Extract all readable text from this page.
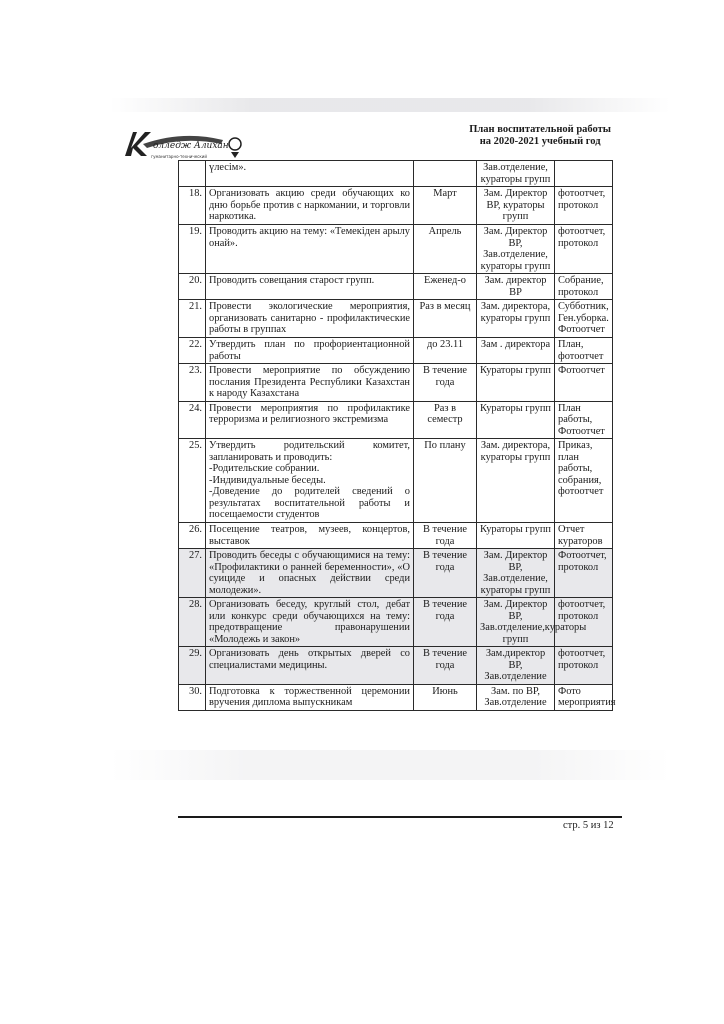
олледж Алихан
гуманитарно-технический
План воспитательной работы
на 2020-2021 учебный год
	үлесім».		Зав.отделение, кураторы групп	
18.	Организовать акцию среди обучающих ко дню борьбе против с наркомании, и торговли наркотика.	Март	Зам. Директор ВР, кураторы групп	фотоотчет, протокол
19.	Проводить акцию на тему: «Темекіден арылу онай».	Апрель	Зам. Директор ВР, Зав.отделение, кураторы групп	фотоотчет, протокол
20.	Проводить совещания старост групп.	Еженед-о	Зам. директор ВР	Собрание, протокол
21.	Провести экологические мероприятия, организовать санитарно - профилактические работы в группах	Раз в месяц	Зам. директора, кураторы групп	Субботник, Ген.уборка. Фотоотчет
22.	Утвердить план по профориентационной работы	до 23.11	Зам . директора	План, фотоотчет
23.	Провести мероприятие по обсуждению послания Президента Республики Казахстан к народу Казахстана	В течение года	Кураторы групп	Фотоотчет
24.	Провести мероприятия по профилактике терроризма и религиозного экстремизма	Раз в семестр	Кураторы групп	План работы, Фотоотчет
25.	Утвердить родительский комитет, запланировать и проводить:
-Родительские собрании.
-Индивидуальные беседы.
-Доведение до родителей сведений о результатах воспитательной работы и посещаемости студентов	По плану	Зам. директора, кураторы групп	Приказ, план работы, собрания, фотоотчет
26.	Посещение театров, музеев, концертов, выставок	В течение года	Кураторы групп	Отчет кураторов
27.	Проводить беседы с обучающимися на тему: «Профилактики о ранней беременности», «О суициде и опасных действии среди молодежи».	В течение года	Зам. Директор ВР, Зав.отделение, кураторы групп	Фотоотчет, протокол
28.	Организовать беседу, круглый стол, дебат или конкурс среди обучающихся на тему: предотвращение правонарушении «Молодежь и закон»	В течение года	Зам. Директор ВР, Зав.отделение,кураторы групп	фотоотчет, протокол
29.	Организовать день открытых дверей со специалистами медицины.	В течение года	Зам.директор ВР, Зав.отделение	фотоотчет, протокол
30.	Подготовка к торжественной церемонии вручения диплома выпускникам	Июнь	Зам. по ВР, Зав.отделение	Фото мероприятия
стр. 5 из 12
